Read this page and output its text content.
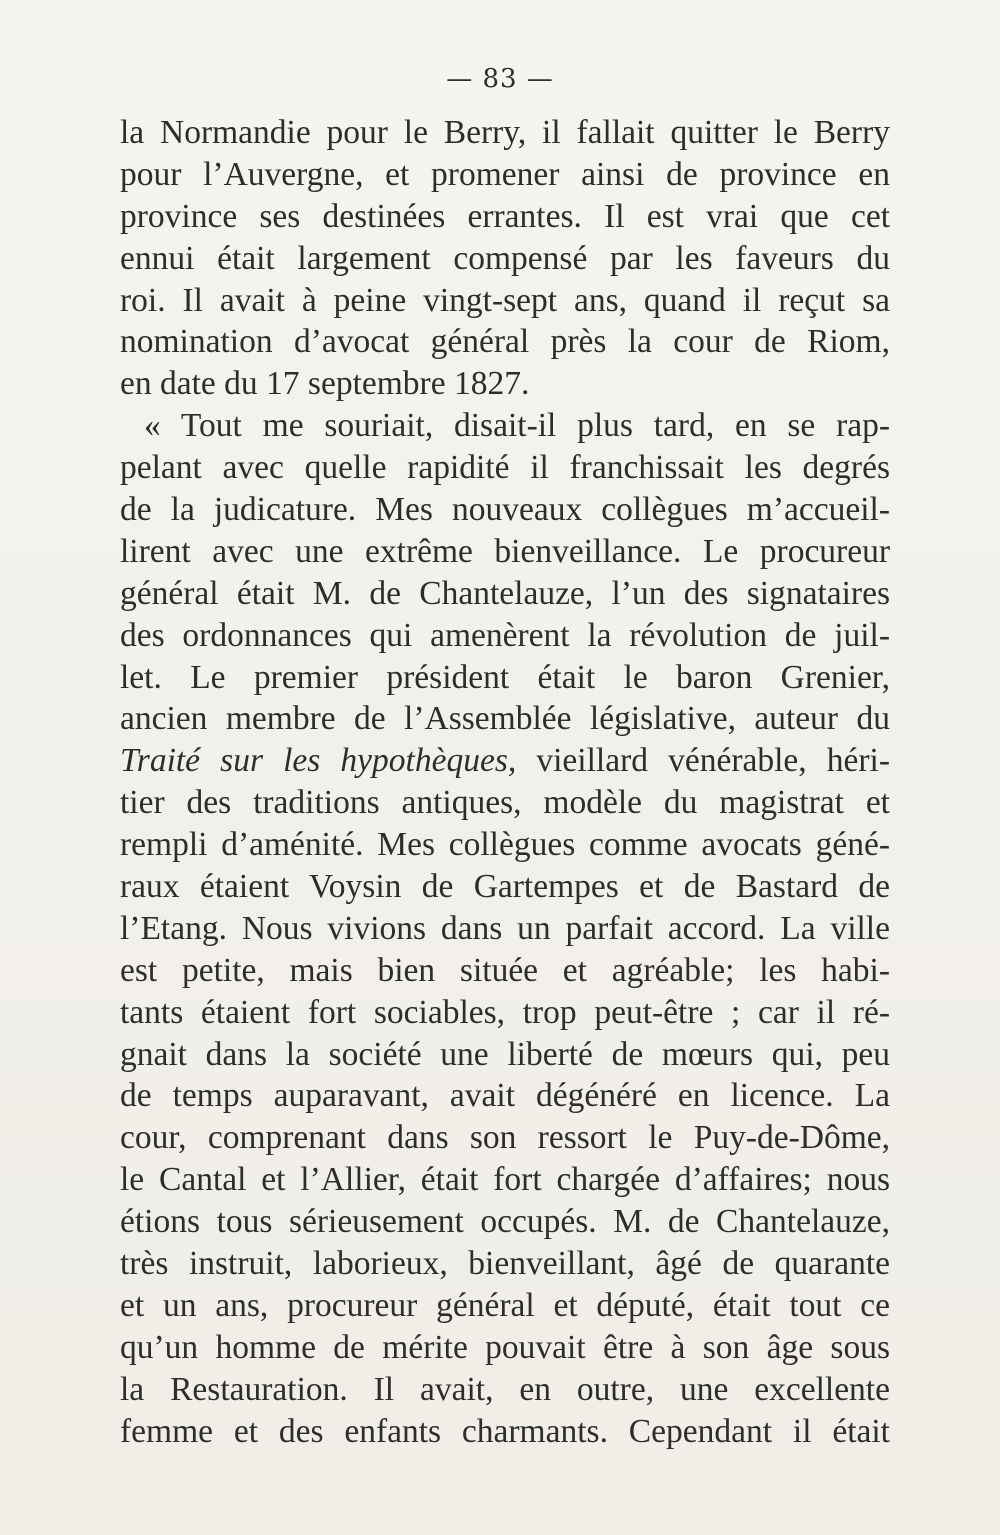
— 83 —
la Normandie pour le Berry, il fallait quitter le Berry
pour l’Auvergne, et promener ainsi de province en
province ses destinées errantes. Il est vrai que cet
ennui était largement compensé par les faveurs du
roi. Il avait à peine vingt-sept ans, quand il reçut sa
nomination d’avocat général près la cour de Riom,
en date du 17 septembre 1827.
« Tout me souriait, disait-il plus tard, en se rap-
pelant avec quelle rapidité il franchissait les degrés
de la judicature. Mes nouveaux collègues m’accueil-
lirent avec une extrême bienveillance. Le procureur
général était M. de Chantelauze, l’un des signataires
des ordonnances qui amenèrent la révolution de juil-
let. Le premier président était le baron Grenier,
ancien membre de l’Assemblée législative, auteur du
Traité sur les hypothèques, vieillard vénérable, héri-
tier des traditions antiques, modèle du magistrat et
rempli d’aménité. Mes collègues comme avocats géné-
raux étaient Voysin de Gartempes et de Bastard de
l’Etang. Nous vivions dans un parfait accord. La ville
est petite, mais bien située et agréable; les habi-
tants étaient fort sociables, trop peut-être ; car il ré-
gnait dans la société une liberté de mœurs qui, peu
de temps auparavant, avait dégénéré en licence. La
cour, comprenant dans son ressort le Puy-de-Dôme,
le Cantal et l’Allier, était fort chargée d’affaires; nous
étions tous sérieusement occupés. M. de Chantelauze,
très instruit, laborieux, bienveillant, âgé de quarante
et un ans, procureur général et député, était tout ce
qu’un homme de mérite pouvait être à son âge sous
la Restauration. Il avait, en outre, une excellente
femme et des enfants charmants. Cependant il était
